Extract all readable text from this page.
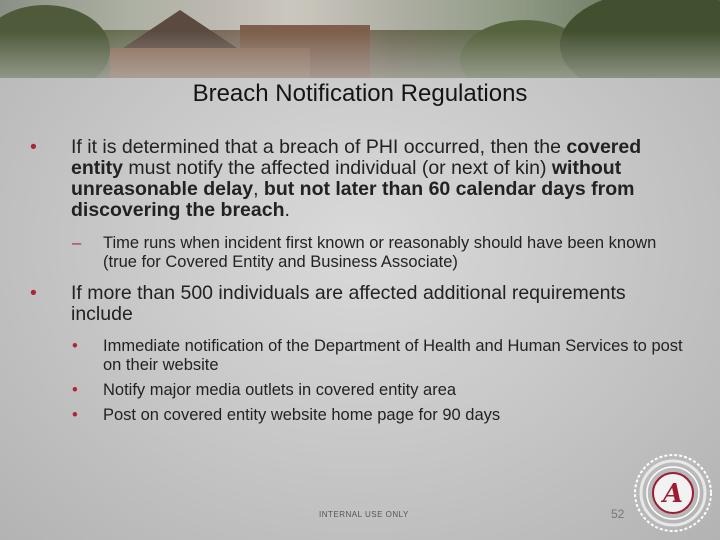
Breach Notification Regulations
• If it is determined that a breach of PHI occurred, then the covered entity must notify the affected individual (or next of kin) without unreasonable delay, but not later than 60 calendar days from discovering the breach.
– Time runs when incident first known or reasonably should have been known (true for Covered Entity and Business Associate)
• If more than 500 individuals are affected additional requirements include
• Immediate notification of the Department of Health and Human Services to post on their website
• Notify major media outlets in covered entity area
• Post on covered entity website home page for 90 days
INTERNAL USE ONLY	52
A
